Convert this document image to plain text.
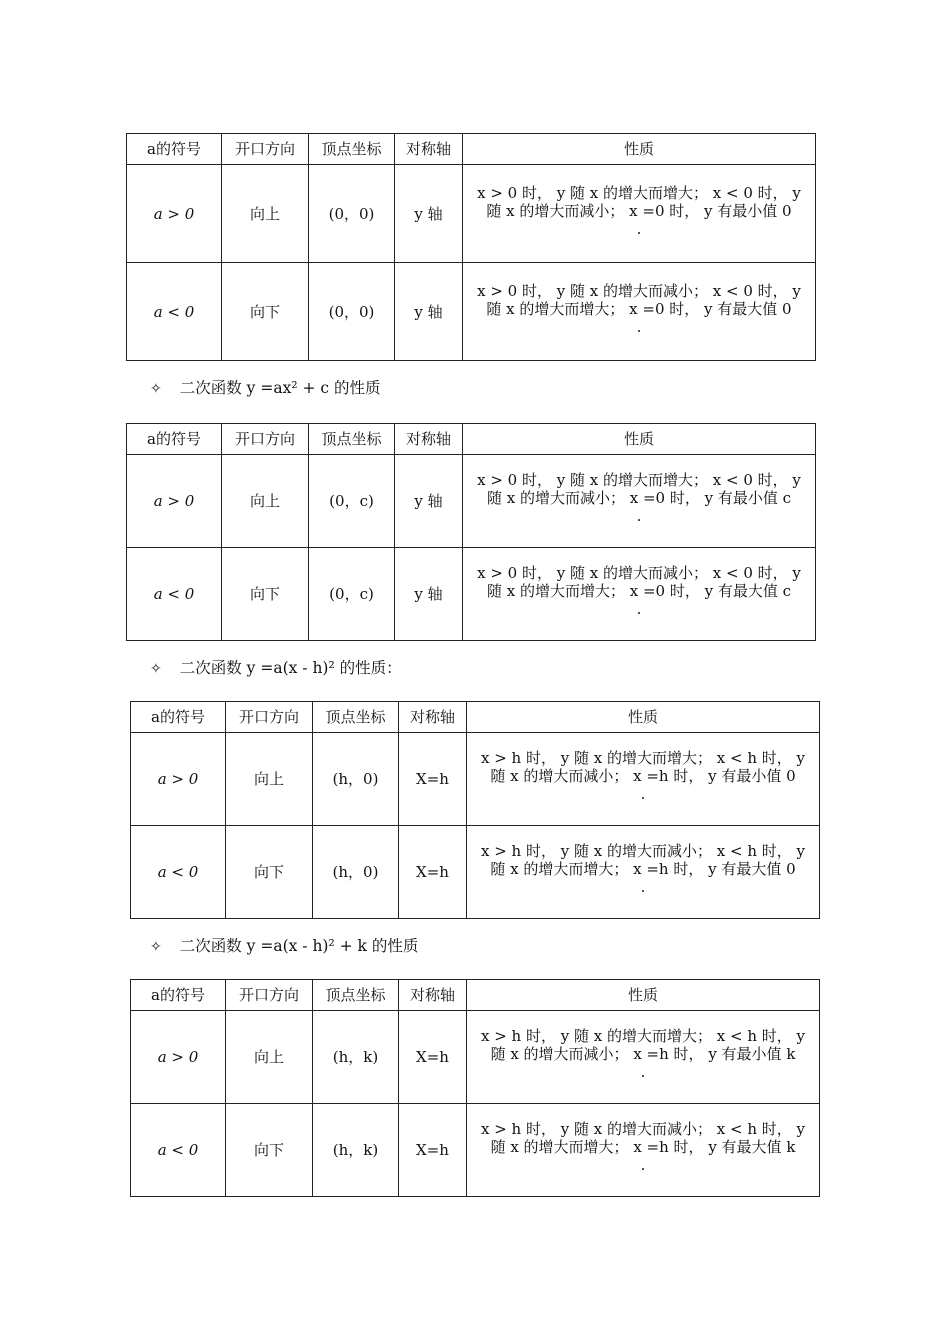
a的符号	开口方向	顶点坐标	对称轴	性质
a > 0	向上	(0，0)	y 轴	x > 0 时， y 随 x 的增大而增大； x < 0 时， y
随 x 的增大而减小； x =0 时， y 有最小值 0
.

a < 0	向下	(0，0)	y 轴	x > 0 时， y 随 x 的增大而减小； x < 0 时， y
随 x 的增大而增大； x =0 时， y 有最大值 0
.
✧ 二次函数 y =ax² + c 的性质
a的符号	开口方向	顶点坐标	对称轴	性质
a > 0	向上	(0，c)	y 轴	x > 0 时， y 随 x 的增大而增大； x < 0 时， y
随 x 的增大而减小； x =0 时， y 有最小值 c
.

a < 0	向下	(0，c)	y 轴	x > 0 时， y 随 x 的增大而减小； x < 0 时， y
随 x 的增大而增大； x =0 时， y 有最大值 c
.
✧ 二次函数 y =a(x - h)² 的性质：
a的符号	开口方向	顶点坐标	对称轴	性质
a > 0	向上	(h，0)	X=h	x > h 时， y 随 x 的增大而增大； x < h 时， y
随 x 的增大而减小； x =h 时， y 有最小值 0
.

a < 0	向下	(h，0)	X=h	x > h 时， y 随 x 的增大而减小； x < h 时， y
随 x 的增大而增大； x =h 时， y 有最大值 0
.
✧ 二次函数 y =a(x - h)² + k 的性质
a的符号	开口方向	顶点坐标	对称轴	性质
a > 0	向上	(h，k)	X=h	x > h 时， y 随 x 的增大而增大； x < h 时， y
随 x 的增大而减小； x =h 时， y 有最小值 k
.

a < 0	向下	(h，k)	X=h	x > h 时， y 随 x 的增大而减小； x < h 时， y
随 x 的增大而增大； x =h 时， y 有最大值 k
.
